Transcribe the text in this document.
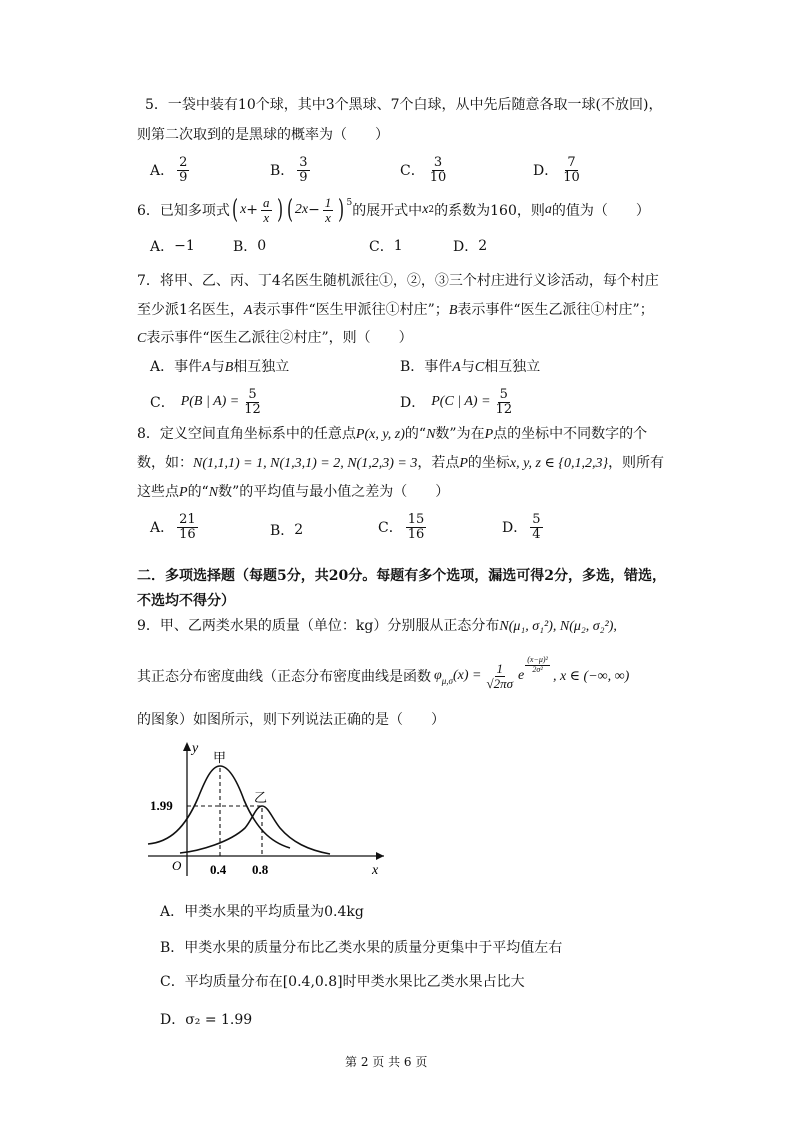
5．一袋中装有10个球，其中3个黑球、7个白球，从中先后随意各取一球(不放回)，
则第二次取到的是黑球的概率为（　　）
A． $\frac{2}{9}$	B． $\frac{3}{9}$	C． $\frac{3}{10}$	D． $\frac{7}{10}$
6．已知多项式 ( $x + \frac{a}{x}$ ) ( $2x - \frac{1}{x} )^5$ 的展开式中 x 2 的系数为160，则 a 的值为（　　）
A． −1	B． 0	C． 1	D． 2
7．将甲、乙、丙、丁4名医生随机派往①，②，③三个村庄进行义诊活动，每个村庄
至少派1名医生，A表示事件“医生甲派往①村庄”；B表示事件“医生乙派往①村庄”；
C表示事件“医生乙派往②村庄”，则（　　）
A．事件A与B相互独立	B．事件A与C相互独立
C． P(B | $A) = \frac{5}{12}$	D． P(C | $A) = \frac{5}{12}$
8．定义空间直角坐标系中的任意点P(x, y, z)的“N数”为在P点的坐标中不同数字的个
数，如：N(1,1,1) = 1, N(1,3,1) = 2, N(1,2,3) = 3，若点P的坐标x, y, z ∈ {0,1,2,3}，则所有
这些点P的“N数”的平均值与最小值之差为（　　）
A． $\frac{21}{16}$	B． 2	C． $\frac{15}{16}$	D． $\frac{5}{4}$
二．多项选择题（每题5分，共20分。每题有多个选项，漏选可得2分，多选，错选，
不选均不得分）
9．甲、乙两类水果的质量（单位：kg）分别服从正态分布N(μ₁, σ₁²), N(μ₂, σ₂²),
其正态分布密度曲线（正态分布密度曲线是函数 $\varphi_{\mu,\sigma}$ $(x) = \frac{1}{√2\pi\sigma}$ e
$\frac{\text{(x−μ)²}}{\text{2σ²}}$
, x ∈ (−∞, ∞)
的图象）如图所示，则下列说法正确的是（　　）
y
x
O
甲
乙
1.99
0.4 0.8
A．甲类水果的平均质量为0.4kg
B．甲类水果的质量分布比乙类水果的质量分更集中于平均值左右
C．平均质量分布在[0.4,0.8]时甲类水果比乙类水果占比大
D．σ₂ = 1.99
第 2 页 共 6 页
